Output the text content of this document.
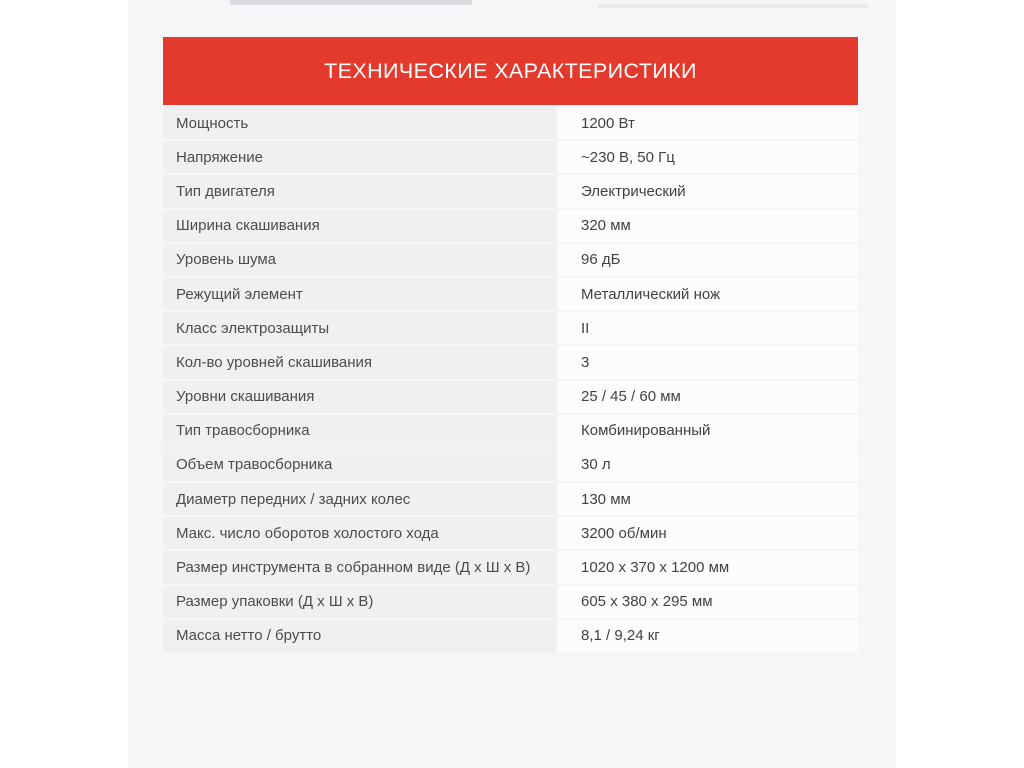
ТЕХНИЧЕСКИЕ ХАРАКТЕРИСТИКИ
Мощность	1200 Вт
Напряжение	~230 В, 50 Гц
Тип двигателя	Электрический
Ширина скашивания	320 мм
Уровень шума	96 дБ
Режущий элемент	Металлический нож
Класс электрозащиты	II
Кол-во уровней скашивания	3
Уровни скашивания	25 / 45 / 60 мм
Тип травосборника	Комбинированный
Объем травосборника	30 л
Диаметр передних / задних колес	130 мм
Макс. число оборотов холостого хода	3200 об/мин
Размер инструмента в собранном виде (Д х Ш х В)	1020 х 370 х 1200 мм
Размер упаковки (Д х Ш х В)	605 х 380 х 295 мм
Масса нетто / брутто	8,1 / 9,24 кг
